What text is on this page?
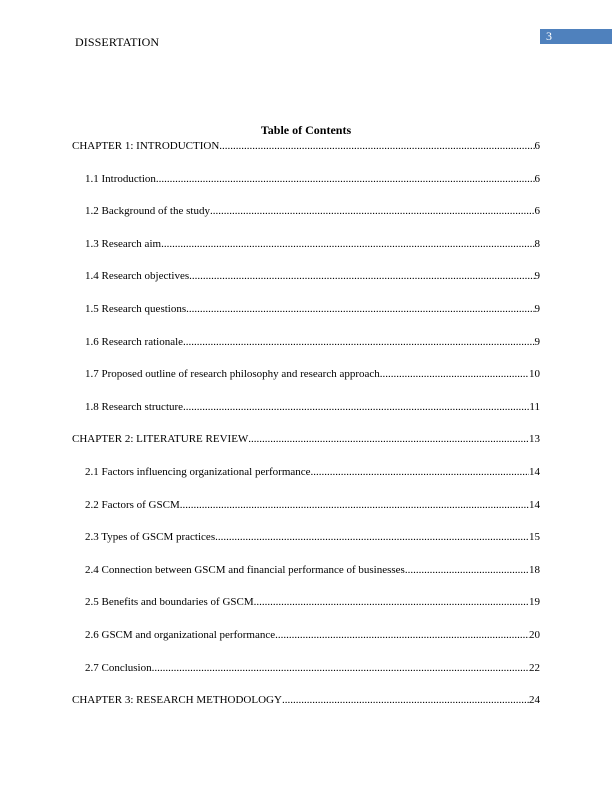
3
DISSERTATION
Table of Contents
CHAPTER 1: INTRODUCTION .....	6
1.1 Introduction .....	6
1.2 Background of the study .....	6
1.3 Research aim .....	8
1.4 Research objectives .....	9
1.5 Research questions .....	9
1.6 Research rationale .....	9
1.7 Proposed outline of research philosophy and research approach .....	10
1.8 Research structure .....	11
CHAPTER 2: LITERATURE REVIEW .....	13
2.1 Factors influencing organizational performance .....	14
2.2 Factors of GSCM .....	14
2.3 Types of GSCM practices .....	15
2.4 Connection between GSCM and financial performance of businesses .....	18
2.5 Benefits and boundaries of GSCM .....	19
2.6 GSCM and organizational performance .....	20
2.7 Conclusion .....	22
CHAPTER 3: RESEARCH METHODOLOGY .....	24
